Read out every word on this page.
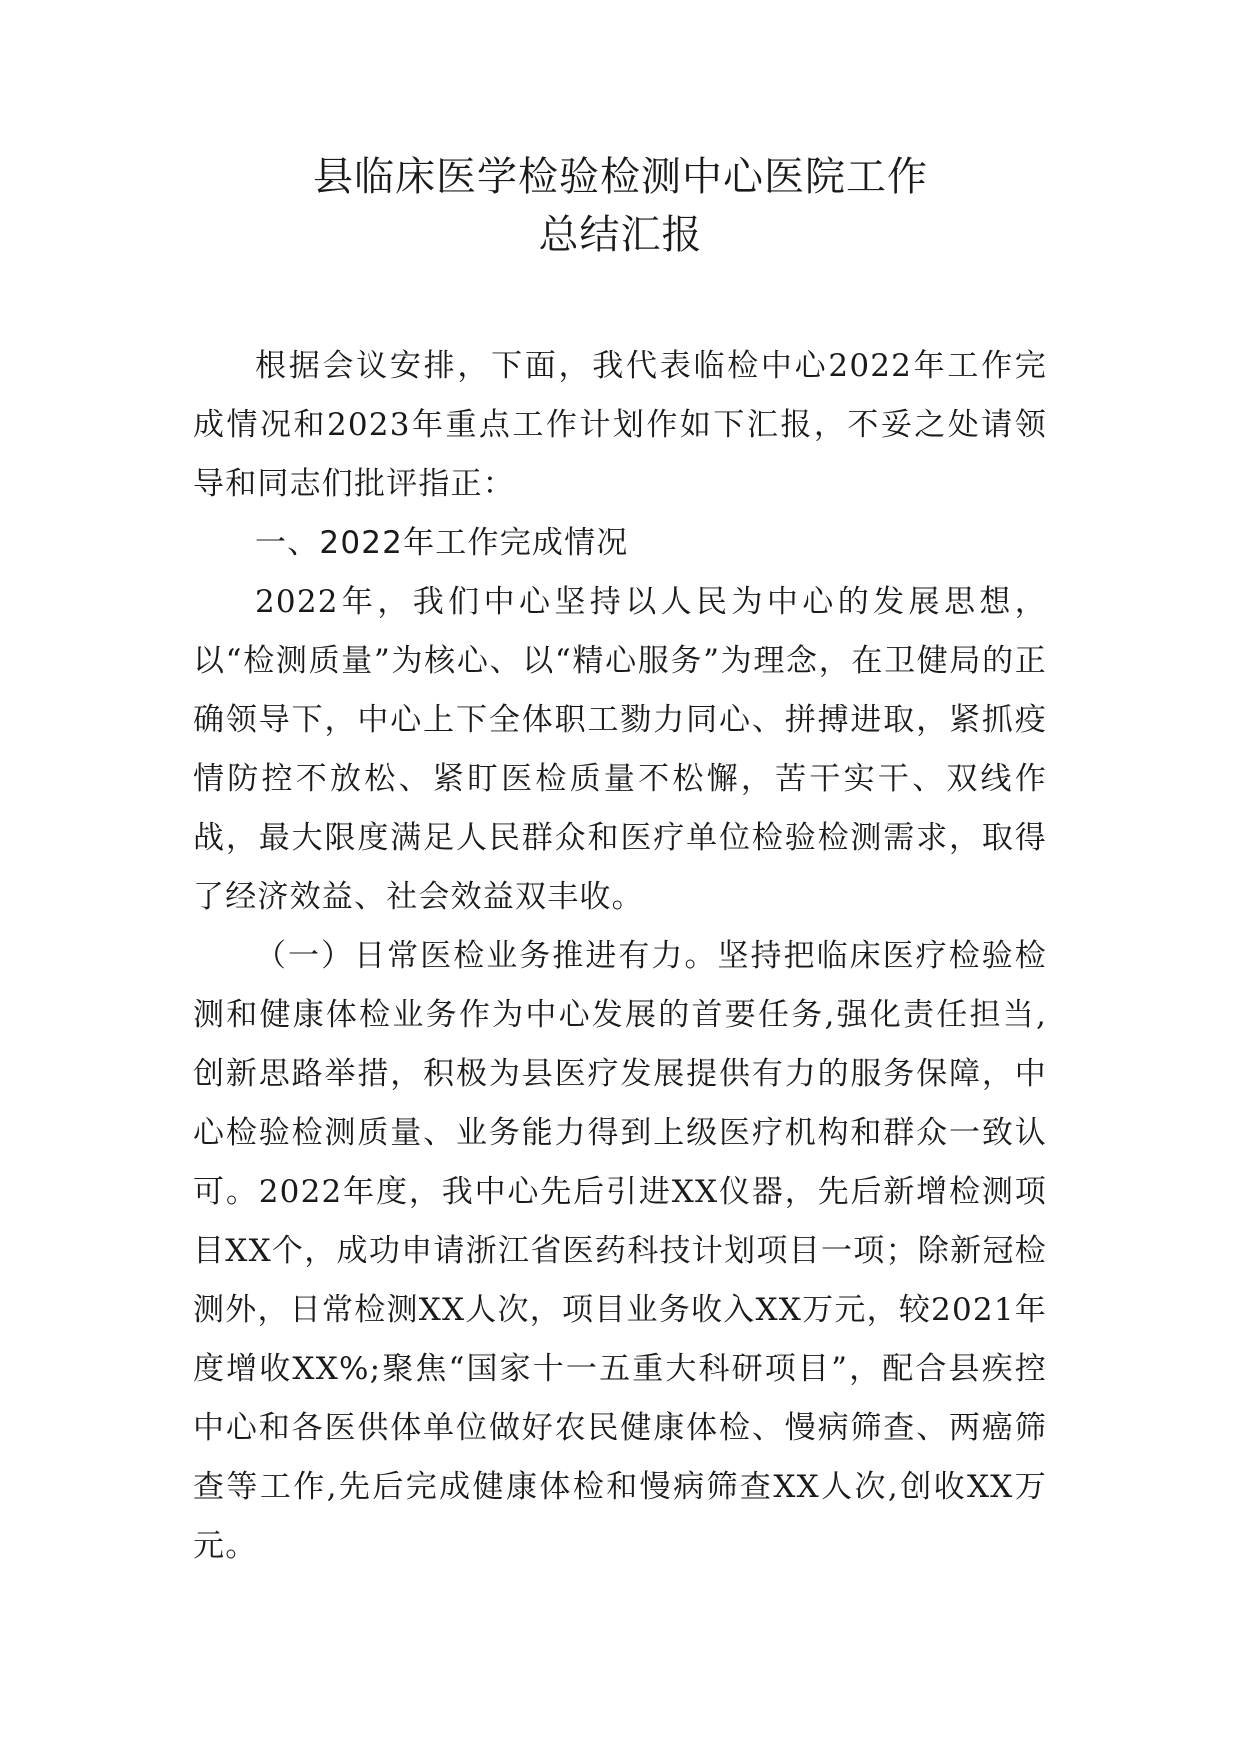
县临床医学检验检测中心医院工作
总结汇报

根据会议安排，下面，我代表临检中心2022年工作完成情况和2023年重点工作计划作如下汇报，不妥之处请领导和同志们批评指正：

一、2022年工作完成情况

2022年，我们中心坚持以人民为中心的发展思想，以“检测质量”为核心、以“精心服务”为理念，在卫健局的正确领导下，中心上下全体职工勠力同心、拼搏进取，紧抓疫情防控不放松、紧盯医检质量不松懈，苦干实干、双线作战，最大限度满足人民群众和医疗单位检验检测需求，取得了经济效益、社会效益双丰收。

（一）日常医检业务推进有力。坚持把临床医疗检验检测和健康体检业务作为中心发展的首要任务,强化责任担当,创新思路举措，积极为县医疗发展提供有力的服务保障，中心检验检测质量、业务能力得到上级医疗机构和群众一致认可。2022年度，我中心先后引进XX仪器，先后新增检测项目XX个，成功申请浙江省医药科技计划项目一项；除新冠检测外，日常检测XX人次，项目业务收入XX万元，较2021年度增收XX%;聚焦“国家十一五重大科研项目”，配合县疾控中心和各医供体单位做好农民健康体检、慢病筛查、两癌筛查等工作,先后完成健康体检和慢病筛查XX人次,创收XX万元。
